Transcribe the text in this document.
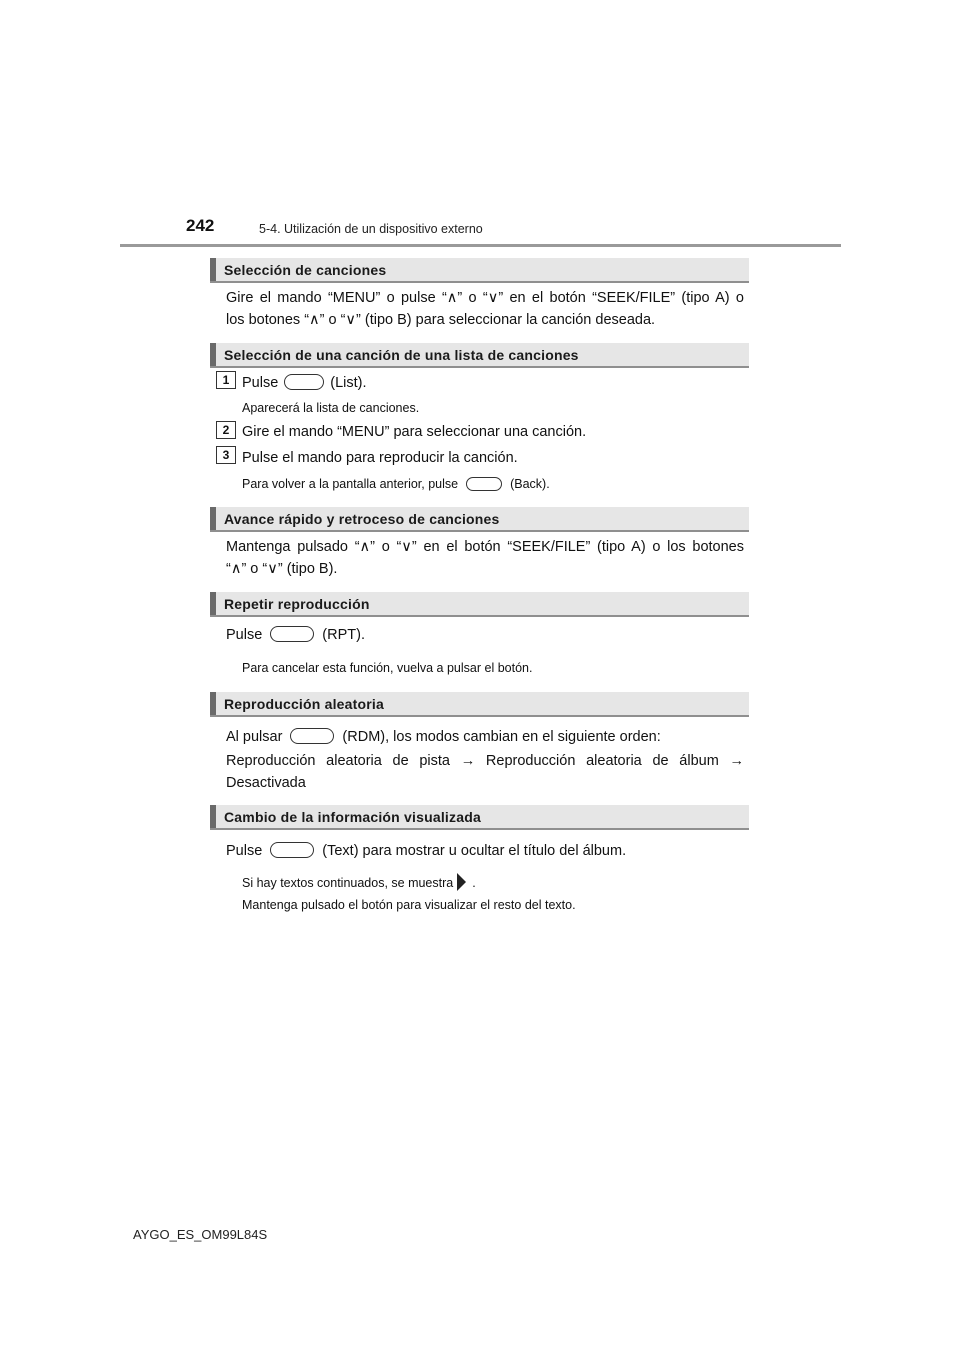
242	5-4. Utilización de un dispositivo externo
Selección de canciones
Gire el mando “MENU” o pulse “∧” o “∨” en el botón “SEEK/FILE” (tipo A) o
los botones “∧” o “∨” (tipo B) para seleccionar la canción deseada.
Selección de una canción de una lista de canciones
1 Pulse	(List).
Aparecerá la lista de canciones.
2 Gire el mando “MENU” para seleccionar una canción.
3 Pulse el mando para reproducir la canción.
Para volver a la pantalla anterior, pulse	(Back).
Avance rápido y retroceso de canciones
Mantenga pulsado “∧” o “∨” en el botón “SEEK/FILE” (tipo A) o los botones
“∧” o “∨” (tipo B).
Repetir reproducción
Pulse	(RPT).
Para cancelar esta función, vuelva a pulsar el botón.
Reproducción aleatoria
Al pulsar	(RDM), los modos cambian en el siguiente orden:
Reproducción aleatoria de pista → Reproducción aleatoria de álbum →
Desactivada
Cambio de la información visualizada
Pulse	(Text) para mostrar u ocultar el título del álbum.
Si hay textos continuados, se muestra .
Mantenga pulsado el botón para visualizar el resto del texto.
AYGO_ES_OM99L84S
